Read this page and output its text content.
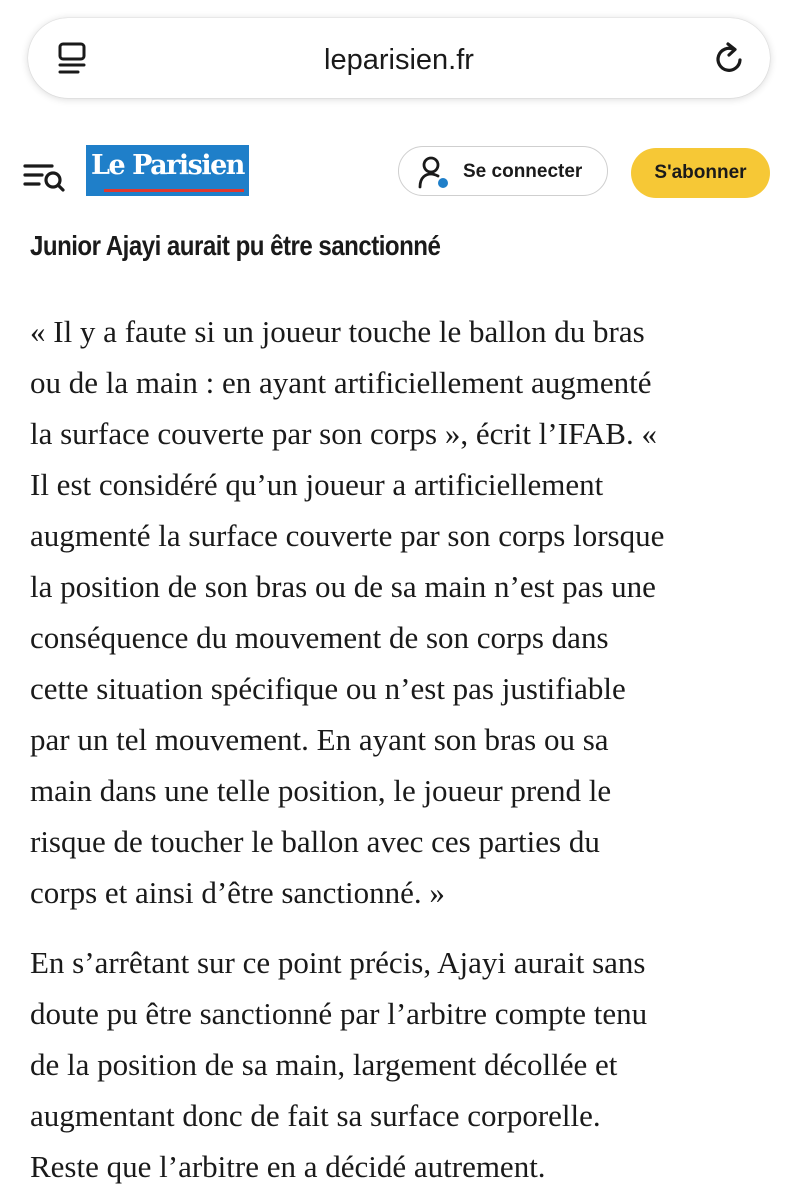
leparisien.fr
Le Parisien	Se connecter	S'abonner
Junior Ajayi aurait pu être sanctionné

« Il y a faute si un joueur touche le ballon du bras
ou de la main : en ayant artificiellement augmenté
la surface couverte par son corps », écrit l’IFAB. «
Il est considéré qu’un joueur a artificiellement
augmenté la surface couverte par son corps lorsque
la position de son bras ou de sa main n’est pas une
conséquence du mouvement de son corps dans
cette situation spécifique ou n’est pas justifiable
par un tel mouvement. En ayant son bras ou sa
main dans une telle position, le joueur prend le
risque de toucher le ballon avec ces parties du
corps et ainsi d’être sanctionné. »

En s’arrêtant sur ce point précis, Ajayi aurait sans
doute pu être sanctionné par l’arbitre compte tenu
de la position de sa main, largement décollée et
augmentant donc de fait sa surface corporelle.
Reste que l’arbitre en a décidé autrement.
